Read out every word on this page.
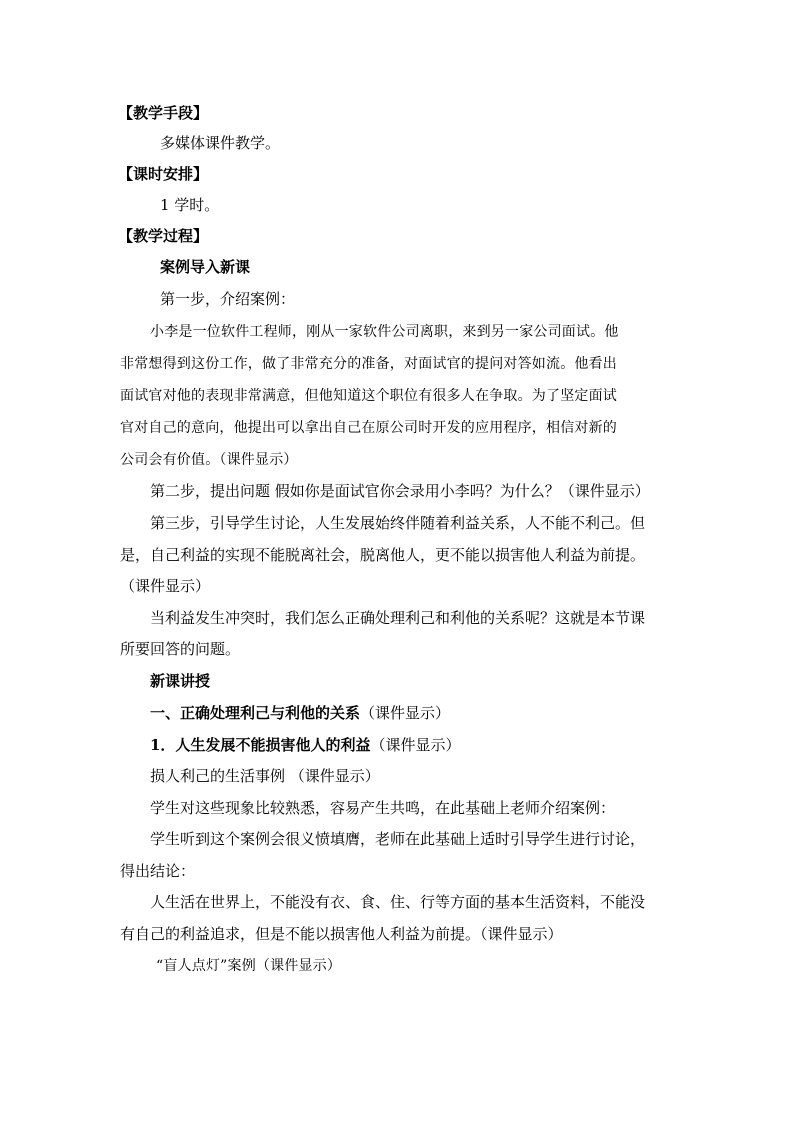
【教学手段】
多媒体课件教学。
【课时安排】
1 学时。
【教学过程】
案例导入新课
第一步，介绍案例：
小李是一位软件工程师，刚从一家软件公司离职，来到另一家公司面试。他
非常想得到这份工作，做了非常充分的准备，对面试官的提问对答如流。他看出
面试官对他的表现非常满意，但他知道这个职位有很多人在争取。为了坚定面试
官对自己的意向，他提出可以拿出自己在原公司时开发的应用程序，相信对新的
公司会有价值。（课件显示）
第二步，提出问题 假如你是面试官你会录用小李吗？为什么？（课件显示）
第三步，引导学生讨论，人生发展始终伴随着利益关系，人不能不利己。但
是，自己利益的实现不能脱离社会，脱离他人，更不能以损害他人利益为前提。
（课件显示）
当利益发生冲突时，我们怎么正确处理利己和利他的关系呢？这就是本节课
所要回答的问题。
新课讲授
一、正确处理利己与利他的关系（课件显示）
1．人生发展不能损害他人的利益（课件显示）
损人利己的生活事例 （课件显示）
学生对这些现象比较熟悉，容易产生共鸣，在此基础上老师介绍案例：
学生听到这个案例会很义愤填膺，老师在此基础上适时引导学生进行讨论，
得出结论：
人生活在世界上，不能没有衣、食、住、行等方面的基本生活资料，不能没
有自己的利益追求，但是不能以损害他人利益为前提。（课件显示）
“盲人点灯”案例（课件显示）
